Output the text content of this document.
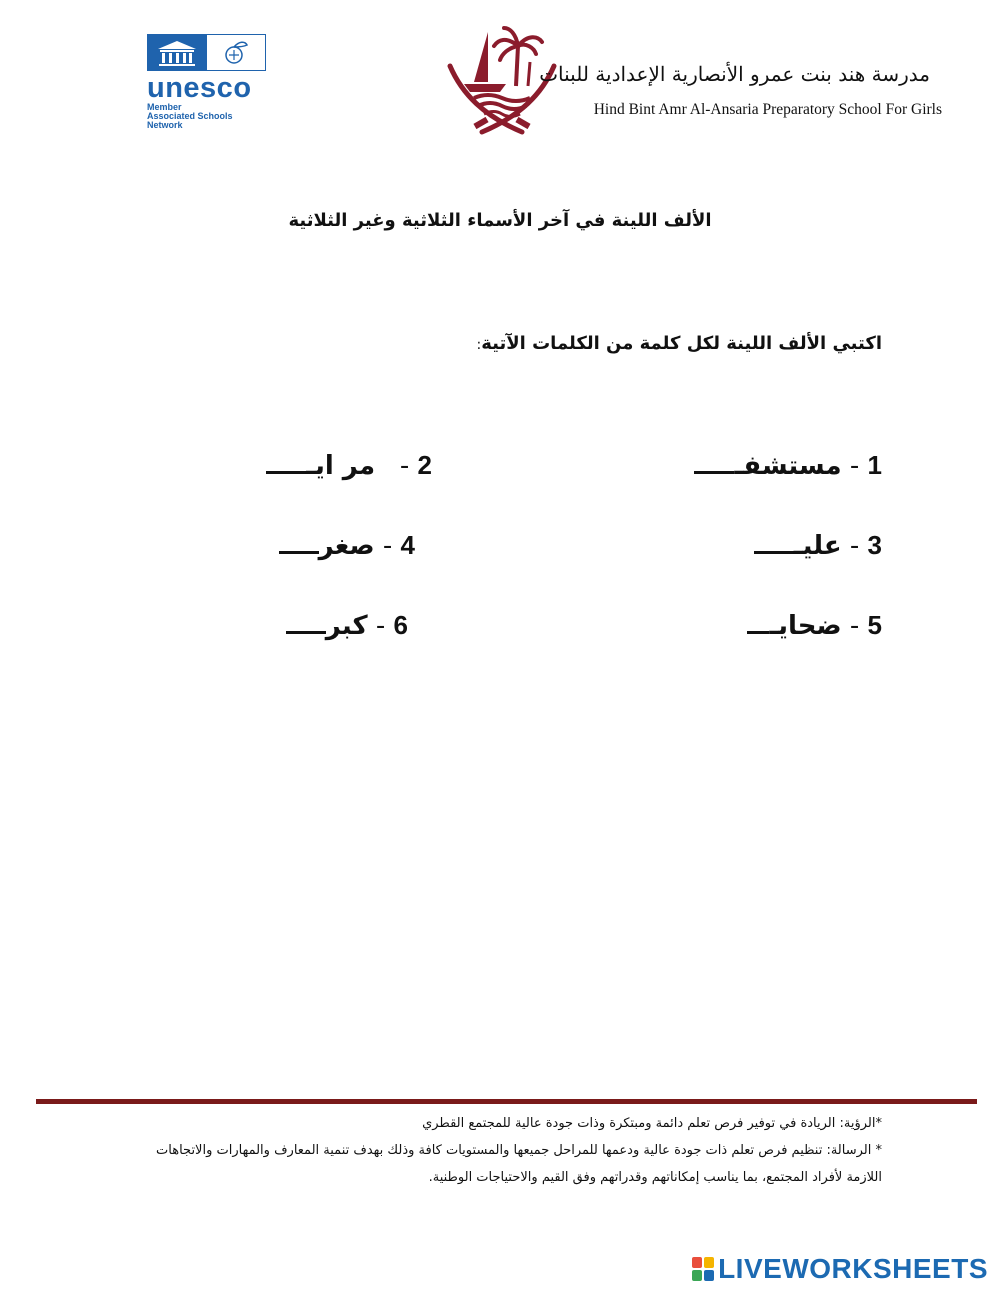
unesco
Member
Associated Schools
Network
مدرسة هند بنت عمرو الأنصارية الإعدادية للبنات
Hind Bint Amr Al-Ansaria Preparatory School For Girls
الألف اللينة في آخر الأسماء الثلاثية وغير الثلاثية
اكتبي الألف اللينة لكل كلمة من الكلمات الآتية:
1 - مستشفـ
2 -   مر ايـ
3 - عليـ
4 - صغر
5 - ضحايـ
6 - كبر
*الرؤية: الريادة في توفير فرص تعلم دائمة ومبتكرة وذات جودة عالية للمجتمع القطري
* الرسالة: تنظيم فرص تعلم ذات جودة عالية ودعمها للمراحل جميعها والمستويات كافة وذلك بهدف تنمية المعارف والمهارات والاتجاهات
اللازمة لأفراد المجتمع، بما يناسب إمكاناتهم وقدراتهم وفق القيم والاحتياجات الوطنية.
LIVEWORKSHEETS
